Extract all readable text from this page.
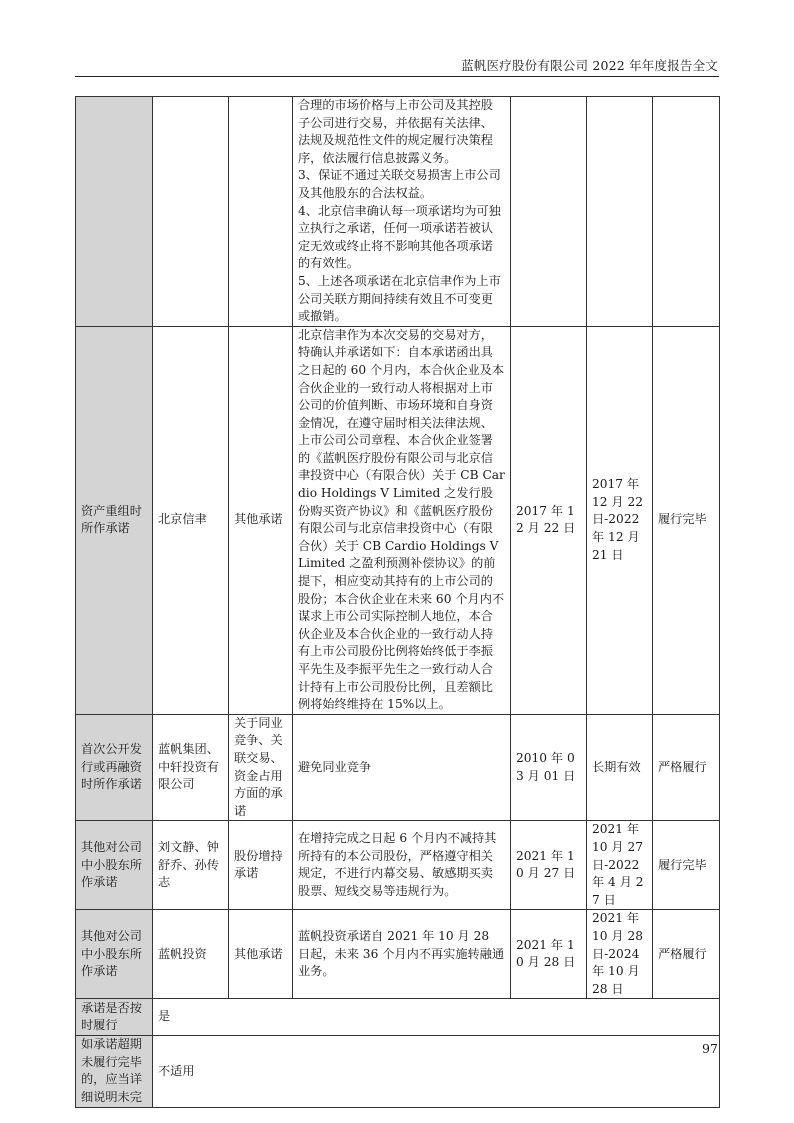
蓝帆医疗股份有限公司 2022 年年度报告全文

			合理的市场价格与上市公司及其控股子公司进行交易，并依据有关法律、法规及规范性文件的规定履行决策程序，依法履行信息披露义务。
3、保证不通过关联交易损害上市公司及其他股东的合法权益。
4、北京信聿确认每一项承诺均为可独立执行之承诺，任何一项承诺若被认定无效或终止将不影响其他各项承诺的有效性。
5、上述各项承诺在北京信聿作为上市公司关联方期间持续有效且不可变更或撤销。			

资产重组时所作承诺	北京信聿	其他承诺	北京信聿作为本次交易的交易对方，特确认并承诺如下：自本承诺函出具之日起的 60 个月内，本合伙企业及本合伙企业的一致行动人将根据对上市公司的价值判断、市场环境和自身资金情况，在遵守届时相关法律法规、上市公司公司章程、本合伙企业签署的《蓝帆医疗股份有限公司与北京信聿投资中心（有限合伙）关于 CB Cardio Holdings V Limited 之发行股份购买资产协议》和《蓝帆医疗股份有限公司与北京信聿投资中心（有限合伙）关于 CB Cardio Holdings V Limited 之盈利预测补偿协议》的前提下，相应变动其持有的上市公司的股份；本合伙企业在未来 60 个月内不谋求上市公司实际控制人地位，本合伙企业及本合伙企业的一致行动人持有上市公司股份比例将始终低于李振平先生及李振平先生之一致行动人合计持有上市公司股份比例，且差额比例将始终维持在 15%以上。	2017 年 12 月 22 日	2017 年 12 月 22 日-2022 年 12 月 21 日	履行完毕
首次公开发行或再融资时所作承诺	蓝帆集团、中轩投资有限公司	关于同业竞争、关联交易、资金占用方面的承诺	避免同业竞争	2010 年 03 月 01 日	长期有效	严格履行
其他对公司中小股东所作承诺	刘文静、钟舒乔、孙传志	股份增持承诺	在增持完成之日起 6 个月内不减持其所持有的本公司股份，严格遵守相关规定，不进行内幕交易、敏感期买卖股票、短线交易等违规行为。	2021 年 10 月 27 日	2021 年 10 月 27 日-2022 年 4 月 27 日	履行完毕
其他对公司中小股东所作承诺	蓝帆投资	其他承诺	蓝帆投资承诺自 2021 年 10 月 28 日起，未来 36 个月内不再实施转融通业务。	2021 年 10 月 28 日	2021 年 10 月 28 日-2024 年 10 月 28 日	严格履行
承诺是否按时履行	是					
如承诺超期未履行完毕的，应当详细说明未完	不适用					
97
